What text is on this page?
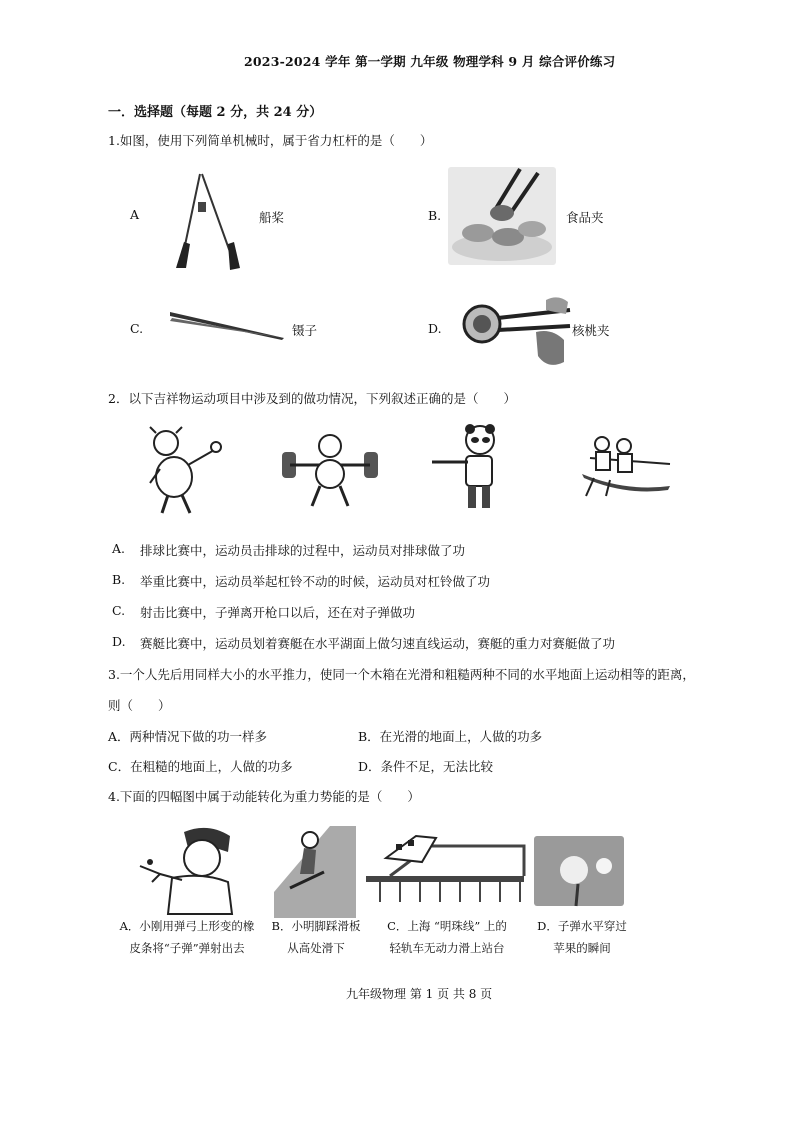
2023-2024 学年 第一学期 九年级 物理学科 9 月 综合评价练习
一．选择题（每题 2 分，共 24 分）
1.如图，使用下列简单机械时，属于省力杠杆的是（　　）
A	船桨	B.	食品夹
C.	镊子	D.	核桃夹
2．以下吉祥物运动项目中涉及到的做功情况，下列叙述正确的是（　　）
A. 排球比赛中，运动员击排球的过程中，运动员对排球做了功
B. 举重比赛中，运动员举起杠铃不动的时候，运动员对杠铃做了功
C. 射击比赛中，子弹离开枪口以后，还在对子弹做功
D. 赛艇比赛中，运动员划着赛艇在水平湖面上做匀速直线运动，赛艇的重力对赛艇做了功
3.一个人先后用同样大小的水平推力，使同一个木箱在光滑和粗糙两种不同的水平地面上运动相等的距离，
则（　　）
A．两种情况下做的功一样多	B．在光滑的地面上，人做的功多
C．在粗糙的地面上，人做的功多	D．条件不足，无法比较
4.下面的四幅图中属于动能转化为重力势能的是（　　）
A．小刚用弹弓上形变的橡
皮条将“子弹”弹射出去
B．小明脚踩滑板
从高处滑下
C．上海 “明珠线” 上的
轻轨车无动力滑上站台
D．子弹水平穿过
苹果的瞬间
九年级物理 第 1 页 共 8 页
